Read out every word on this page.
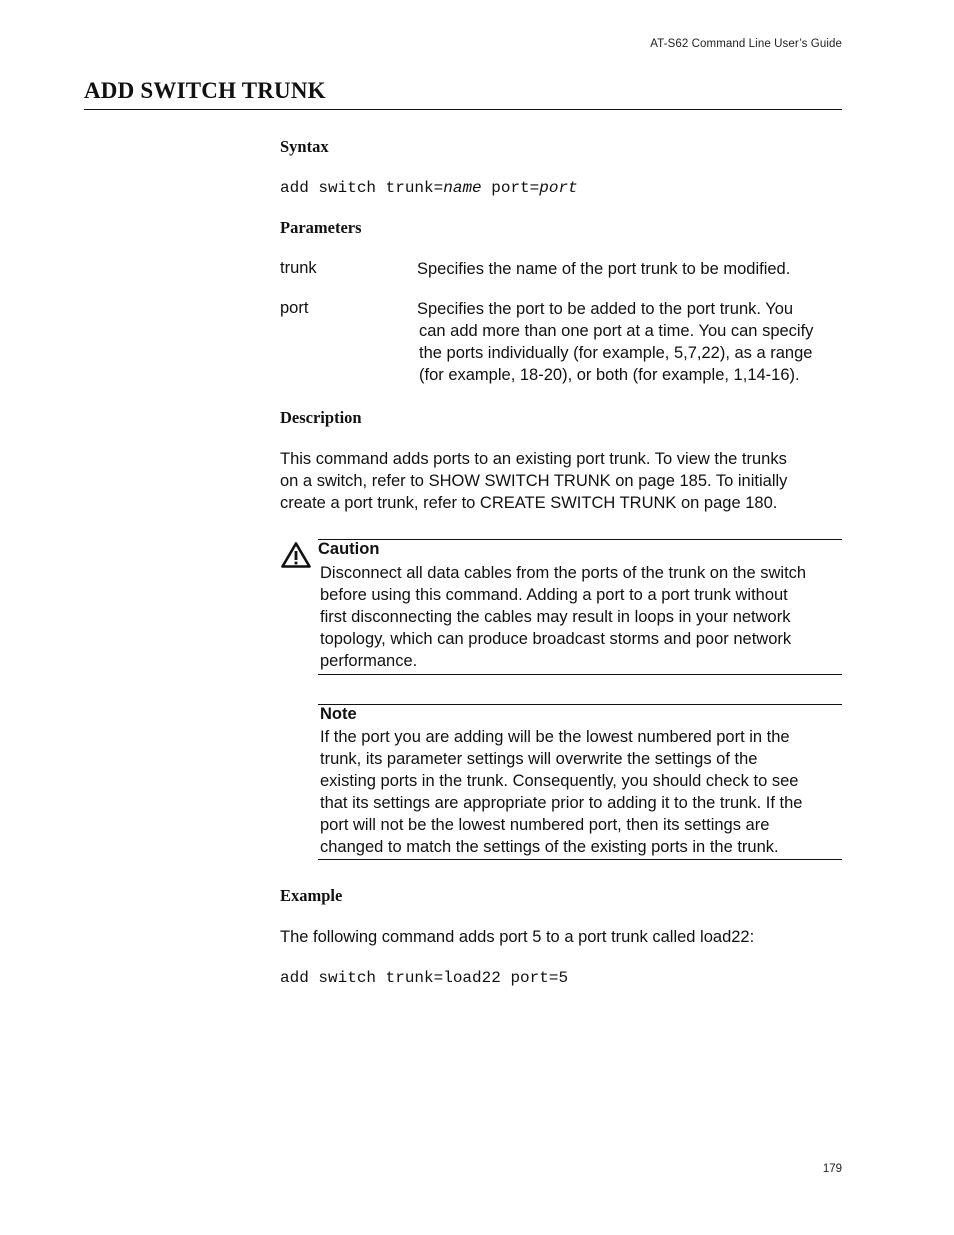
AT-S62 Command Line User’s Guide
ADD SWITCH TRUNK
Syntax
add switch trunk=name port=port
Parameters
trunk	Specifies the name of the port trunk to be modified.
port	Specifies the port to be added to the port trunk. You
can add more than one port at a time. You can specify
the ports individually (for example, 5,7,22), as a range
(for example, 18-20), or both (for example, 1,14-16).
Description
This command adds ports to an existing port trunk. To view the trunks
on a switch, refer to SHOW SWITCH TRUNK on page 185. To initially
create a port trunk, refer to CREATE SWITCH TRUNK on page 180.
Caution
Disconnect all data cables from the ports of the trunk on the switch
before using this command. Adding a port to a port trunk without
first disconnecting the cables may result in loops in your network
topology, which can produce broadcast storms and poor network
performance.
Note
If the port you are adding will be the lowest numbered port in the
trunk, its parameter settings will overwrite the settings of the
existing ports in the trunk. Consequently, you should check to see
that its settings are appropriate prior to adding it to the trunk. If the
port will not be the lowest numbered port, then its settings are
changed to match the settings of the existing ports in the trunk.
Example
The following command adds port 5 to a port trunk called load22:
add switch trunk=load22 port=5
179
